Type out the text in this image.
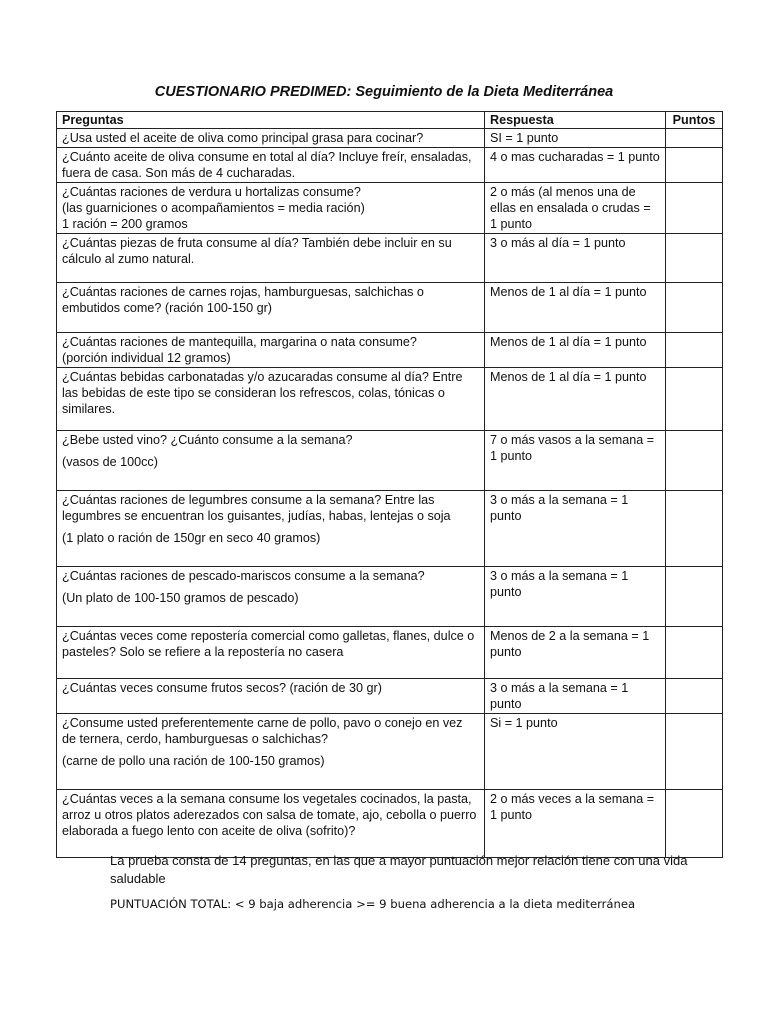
CUESTIONARIO PREDIMED: Seguimiento de la Dieta Mediterránea
Preguntas	Respuesta	Puntos

¿Usa usted el aceite de oliva como principal grasa para cocinar?	SI = 1 punto	

¿Cuánto aceite de oliva consume en total al día? Incluye freír, ensaladas, fuera de casa. Son más de 4 cucharadas.	4 o mas cucharadas = 1 punto	

¿Cuántas raciones de verdura u hortalizas consume?
(las guarniciones o acompañamientos = media ración)
1 ración = 200 gramos	2 o más (al menos una de ellas en ensalada o crudas = 1 punto	

¿Cuántas piezas de fruta consume al día? También debe incluir en su cálculo al zumo natural.	3 o más al día = 1 punto	

¿Cuántas raciones de carnes rojas, hamburguesas, salchichas o embutidos come? (ración 100-150 gr)	Menos de 1 al día = 1 punto	

¿Cuántas raciones de mantequilla, margarina o nata consume?
(porción individual 12 gramos)	Menos de 1 al día = 1 punto	

¿Cuántas bebidas carbonatadas y/o azucaradas consume al día? Entre las bebidas de este tipo se consideran los refrescos, colas, tónicas o similares.	Menos de 1 al día = 1 punto	

¿Bebe usted vino? ¿Cuánto consume a la semana?
(vasos de 100cc)	7 o más vasos a la semana = 1 punto	

¿Cuántas raciones de legumbres consume a la semana? Entre las legumbres se encuentran los guisantes, judías, habas, lentejas o soja
(1 plato o ración de 150gr en seco 40 gramos)	3 o más a la semana = 1 punto	

¿Cuántas raciones de pescado-mariscos consume a la semana?
(Un plato de 100-150 gramos de pescado)	3 o más a la semana = 1 punto	

¿Cuántas veces come repostería comercial como galletas, flanes, dulce o pasteles? Solo se refiere a la repostería no casera	Menos de 2 a la semana = 1 punto	

¿Cuántas veces consume frutos secos? (ración de 30 gr)	3 o más a la semana = 1 punto	

¿Consume usted preferentemente carne de pollo, pavo o conejo en vez de ternera, cerdo, hamburguesas o salchichas?
(carne de pollo una ración de 100-150 gramos)	Si = 1 punto	

¿Cuántas veces a la semana consume los vegetales cocinados, la pasta, arroz u otros platos aderezados con salsa de tomate, ajo, cebolla o puerro elaborada a fuego lento con aceite de oliva (sofrito)?	2 o más veces a la semana = 1 punto	
La prueba consta de 14 preguntas, en las que a mayor puntuación mejor relación tiene con una vida saludable
PUNTUACIÓN TOTAL: < 9 baja adherencia >= 9 buena adherencia a la dieta mediterránea
